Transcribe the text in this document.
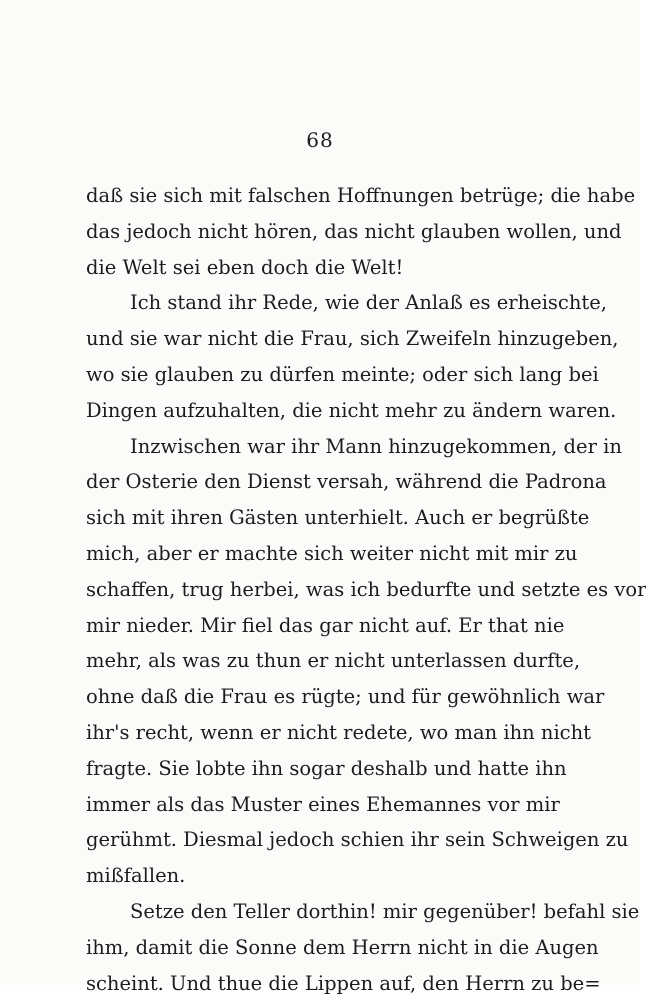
68
daß sie sich mit falschen Hoffnungen betrüge; die habe
das jedoch nicht hören, das nicht glauben wollen, und
die Welt sei eben doch die Welt!
Ich stand ihr Rede, wie der Anlaß es erheischte,
und sie war nicht die Frau, sich Zweifeln hinzugeben,
wo sie glauben zu dürfen meinte; oder sich lang bei
Dingen aufzuhalten, die nicht mehr zu ändern waren.
Inzwischen war ihr Mann hinzugekommen, der in
der Osterie den Dienst versah, während die Padrona
sich mit ihren Gästen unterhielt. Auch er begrüßte
mich, aber er machte sich weiter nicht mit mir zu
schaffen, trug herbei, was ich bedurfte und setzte es vor
mir nieder. Mir fiel das gar nicht auf. Er that nie
mehr, als was zu thun er nicht unterlassen durfte,
ohne daß die Frau es rügte; und für gewöhnlich war
ihr's recht, wenn er nicht redete, wo man ihn nicht
fragte. Sie lobte ihn sogar deshalb und hatte ihn
immer als das Muster eines Ehemannes vor mir
gerühmt. Diesmal jedoch schien ihr sein Schweigen zu
mißfallen.
Setze den Teller dorthin! mir gegenüber! befahl sie
ihm, damit die Sonne dem Herrn nicht in die Augen
scheint. Und thue die Lippen auf, den Herrn zu be=
